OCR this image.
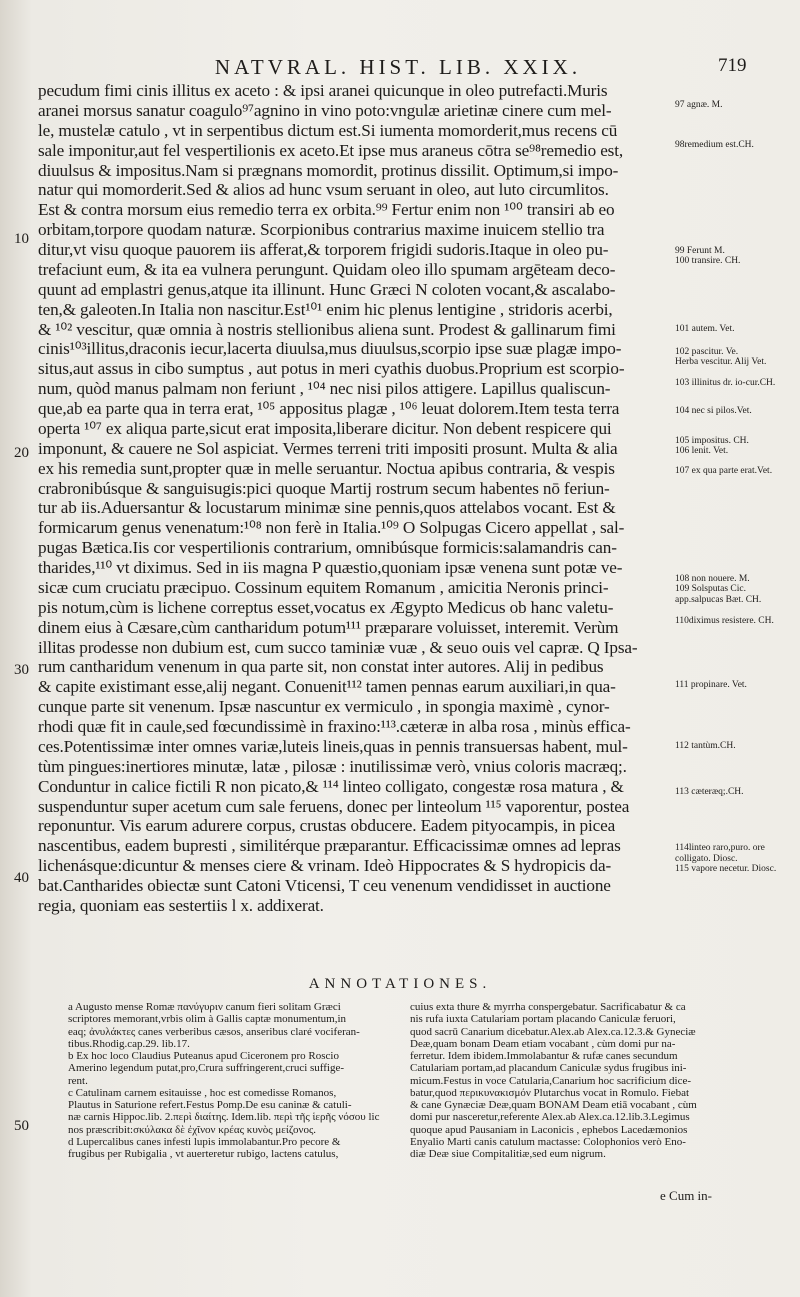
NATVRAL. HIST. LIB. XXIX.	719
pecudum fimi cinis illitus ex aceto : & ipsi aranei quicunque in oleo putrefacti.Muris
aranei morsus sanatur coagulo⁹⁷agnino in vino poto:vngulæ arietinæ cinere cum mel-
le, mustelæ catulo , vt in serpentibus dictum est.Si iumenta momorderit,mus recens cū
sale imponitur,aut fel vespertilionis ex aceto.Et ipse mus araneus cōtra se⁹⁸remedio est,
diuulsus & impositus.Nam si prægnans momordit, protinus dissilit. Optimum,si impo-
natur qui momorderit.Sed & alios ad hunc vsum seruant in oleo, aut luto circumlitos.
Est & contra morsum eius remedio terra ex orbita.⁹⁹ Fertur enim non ¹⁰⁰ transiri ab eo
orbitam,torpore quodam naturæ. Scorpionibus contrarius maxime inuicem stellio tra
ditur,vt visu quoque pauorem iis afferat,& torporem frigidi sudoris.Itaque in oleo pu-
trefaciunt eum, & ita ea vulnera perungunt. Quidam oleo illo spumam argēteam deco-
quunt ad emplastri genus,atque ita illinunt. Hunc Græci N coloten vocant,& ascalabo-
ten,& galeoten.In Italia non nascitur.Est¹⁰¹ enim hic plenus lentigine , stridoris acerbi,
& ¹⁰² vescitur, quæ omnia à nostris stellionibus aliena sunt. Prodest & gallinarum fimi
cinis¹⁰³illitus,draconis iecur,lacerta diuulsa,mus diuulsus,scorpio ipse suæ plagæ impo-
situs,aut assus in cibo sumptus , aut potus in meri cyathis duobus.Proprium est scorpio-
num, quòd manus palmam non feriunt , ¹⁰⁴ nec nisi pilos attigere. Lapillus qualiscun-
que,ab ea parte qua in terra erat, ¹⁰⁵ appositus plagæ , ¹⁰⁶ leuat dolorem.Item testa terra
operta ¹⁰⁷ ex aliqua parte,sicut erat imposita,liberare dicitur. Non debent respicere qui
imponunt, & cauere ne Sol aspiciat. Vermes terreni triti impositi prosunt. Multa & alia
ex his remedia sunt,propter quæ in melle seruantur. Noctua apibus contraria, & vespis
crabronibúsque & sanguisugis:pici quoque Martij rostrum secum habentes nō feriun-
tur ab iis.Aduersantur & locustarum minimæ sine pennis,quos attelabos vocant. Est &
formicarum genus venenatum:¹⁰⁸ non ferè in Italia.¹⁰⁹ O Solpugas Cicero appellat , sal-
pugas Bætica.Iis cor vespertilionis contrarium, omnibúsque formicis:salamandris can-
tharides,¹¹⁰ vt diximus. Sed in iis magna P quæstio,quoniam ipsæ venena sunt potæ ve-
sicæ cum cruciatu præcipuo. Cossinum equitem Romanum , amicitia Neronis princi-
pis notum,cùm is lichene correptus esset,vocatus ex Ægypto Medicus ob hanc valetu-
dinem eius à Cæsare,cùm cantharidum potum¹¹¹ præparare voluisset, interemit. Verùm
illitas prodesse non dubium est, cum succo taminiæ vuæ , & seuo ouis vel capræ. Q Ipsa-
rum cantharidum venenum in qua parte sit, non constat inter autores. Alij in pedibus
& capite existimant esse,alij negant. Conuenit¹¹² tamen pennas earum auxiliari,in qua-
cunque parte sit venenum. Ipsæ nascuntur ex vermiculo , in spongia maximè , cynor-
rhodi quæ fit in caule,sed fœcundissimè in fraxino:¹¹³.cæteræ in alba rosa , minùs effica-
ces.Potentissimæ inter omnes variæ,luteis lineis,quas in pennis transuersas habent, mul-
tùm pingues:inertiores minutæ, latæ , pilosæ : inutilissimæ verò, vnius coloris macræq;.
Conduntur in calice fictili R non picato,& ¹¹⁴ linteo colligato, congestæ rosa matura , &
suspenduntur super acetum cum sale feruens, donec per linteolum ¹¹⁵ vaporentur, postea
reponuntur. Vis earum adurere corpus, crustas obducere. Eadem pityocampis, in picea
nascentibus, eadem bupresti , similitérque præparantur. Efficacissimæ omnes ad lepras
lichenásque:dicuntur & menses ciere & vrinam. Ideò Hippocrates & S hydropicis da-
bat.Cantharides obiectæ sunt Catoni Vticensi, T ceu venenum vendidisset in auctione
regia, quoniam eas sestertiis l x. addixerat.
10
20
30
40
50
97 agnæ. M.
98remedium est.CH.
99 Ferunt M.
100 transire. CH.
101 autem. Vet.
102 pascitur. Ve.
Herba vescitur. Alij Vet.
103 illinitus dr. io-cur.CH.
104 nec si pilos.Vet.
105 impositus. CH.
106 lenit. Vet.
107 ex qua parte erat.Vet.
108 non nouere. M.
109 Solsputas Cic. app.salpucas Bæt. CH.
110diximus resistere. CH.
111 propinare. Vet.
112 tantùm.CH.
113 cæteræq;.CH.
114linteo raro,puro. ore colligato. Diosc.
115 vapore necetur. Diosc.
ANNOTATIONES.
a Augusto mense Romæ πανύγυριν canum fieri solitam Græci
scriptores memorant,vrbis olim à Gallis captæ monumentum,in
eaq; ἀνυλάκτες canes verberibus cæsos, anseribus claré vociferan-
tibus.Rhodig.cap.29. lib.17.
b Ex hoc loco Claudius Puteanus apud Ciceronem pro Roscio
Amerino legendum putat,pro,Crura suffringerent,cruci suffige-
rent.
c Catulinam carnem esitauisse , hoc est comedisse Romanos,
Plautus in Saturione refert.Festus Pomp.De esu caninæ & catuli-
næ carnis Hippoc.lib. 2.περὶ διαίτης. Idem.lib. περὶ τῆς ἱερῆς νόσου lic
nos præscribit:σκύλακα δὲ ἐχῖνον κρέας κυνὸς μείζονος.
d Lupercalibus canes infesti lupis immolabantur.Pro pecore &
frugibus per Rubigalia , vt auerteretur rubigo, lactens catulus,
cuius exta thure & myrrha conspergebatur. Sacrificabatur & ca
nis rufa iuxta Catulariam portam placando Caniculæ feruori,
quod sacrū Canarium dicebatur.Alex.ab Alex.ca.12.3.& Gyneciæ
Deæ,quam bonam Deam etiam vocabant , cùm domi pur na-
ferretur. Idem ibidem.Immolabantur & rufæ canes secundum
Catulariam portam,ad placandum Caniculæ sydus frugibus ini-
micum.Festus in voce Catularia,Canarium hoc sacrificium dice-
batur,quod περικυνακισμόν Plutarchus vocat in Romulo. Fiebat
& cane Gynæciæ Deæ,quam BONAM Deam etiā vocabant , cùm
domi pur nasceretur,referente Alex.ab Alex.ca.12.lib.3.Legimus
quoque apud Pausaniam in Laconicis , ephebos Lacedæmonios
Enyalio Marti canis catulum mactasse: Colophonios verò Eno-
diæ Deæ siue Compitalitiæ,sed eum nigrum.
e Cum in-
